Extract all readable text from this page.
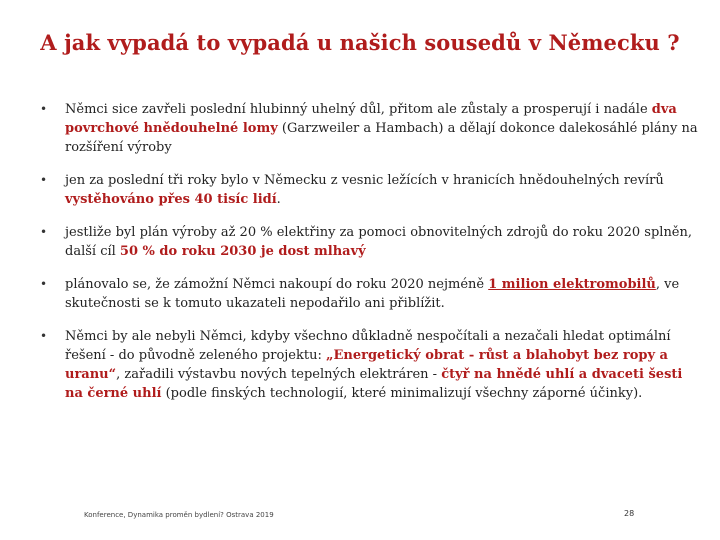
A jak vypadá to vypadá u našich sousedů v Německu ?
• Němci sice zavřeli poslední hlubinný uhelný důl, přitom ale zůstaly a prosperují i nadále dva povrchové hnědouhelné lomy (Garzweiler a Hambach) a dělají dokonce dalekosáhlé plány na rozšíření výroby
• jen za poslední tři roky bylo v Německu z vesnic ležících v hranicích hnědouhelných revírů vystěhováno přes 40 tisíc lidí.
• jestliže byl plán výroby až 20 % elektřiny za pomoci obnovitelných zdrojů do roku 2020 splněn, další cíl 50 % do roku 2030 je dost mlhavý
• plánovalo se, že zámožní Němci nakoupí do roku 2020 nejméně 1 milion elektromobilů, ve skutečnosti se k tomuto ukazateli nepodařilo ani přiblížit.
• Němci by ale nebyli Němci, kdyby všechno důkladně nespočítali a nezačali hledat optimální řešení - do původně zeleného projektu: „Energetický obrat - růst a blahobyt bez ropy a uranu“, zařadili výstavbu nových tepelných elektráren - čtyř na hnědé uhlí a dvaceti šesti na černé uhlí (podle finských technologií, které minimalizují všechny záporné účinky).
Konference, Dynamika proměn bydlení? Ostrava 2019	28
